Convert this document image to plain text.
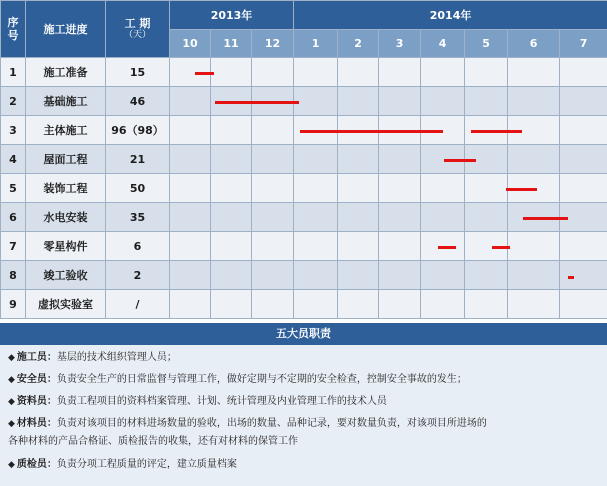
序
号	施工进度	工 期
（天）	2013年			2014年						
			10	11	12	1	2	3	4	5	6	7
1	施工准备	15										
2	基础施工	46										
3	主体施工	96（98）										
4	屋面工程	21										
5	装饰工程	50										
6	水电安装	35										
7	零星构件	6										
8	竣工验收	2										
9	虚拟实验室	/										
五大员职责
◆ 施工员：基层的技术组织管理人员；
◆ 安全员：负责安全生产的日常监督与管理工作，做好定期与不定期的安全检查，控制安全事故的发生；
◆ 资料员：负责工程项目的资料档案管理、计划、统计管理及内业管理工作的技术人员
◆ 材料员：负责对该项目的材料进场数量的验收，出场的数量、品种记录，要对数量负责，对该项目所进场的
各种材料的产品合格证、质检报告的收集，还有对材料的保管工作
◆ 质检员：负责分项工程质量的评定，建立质量档案
